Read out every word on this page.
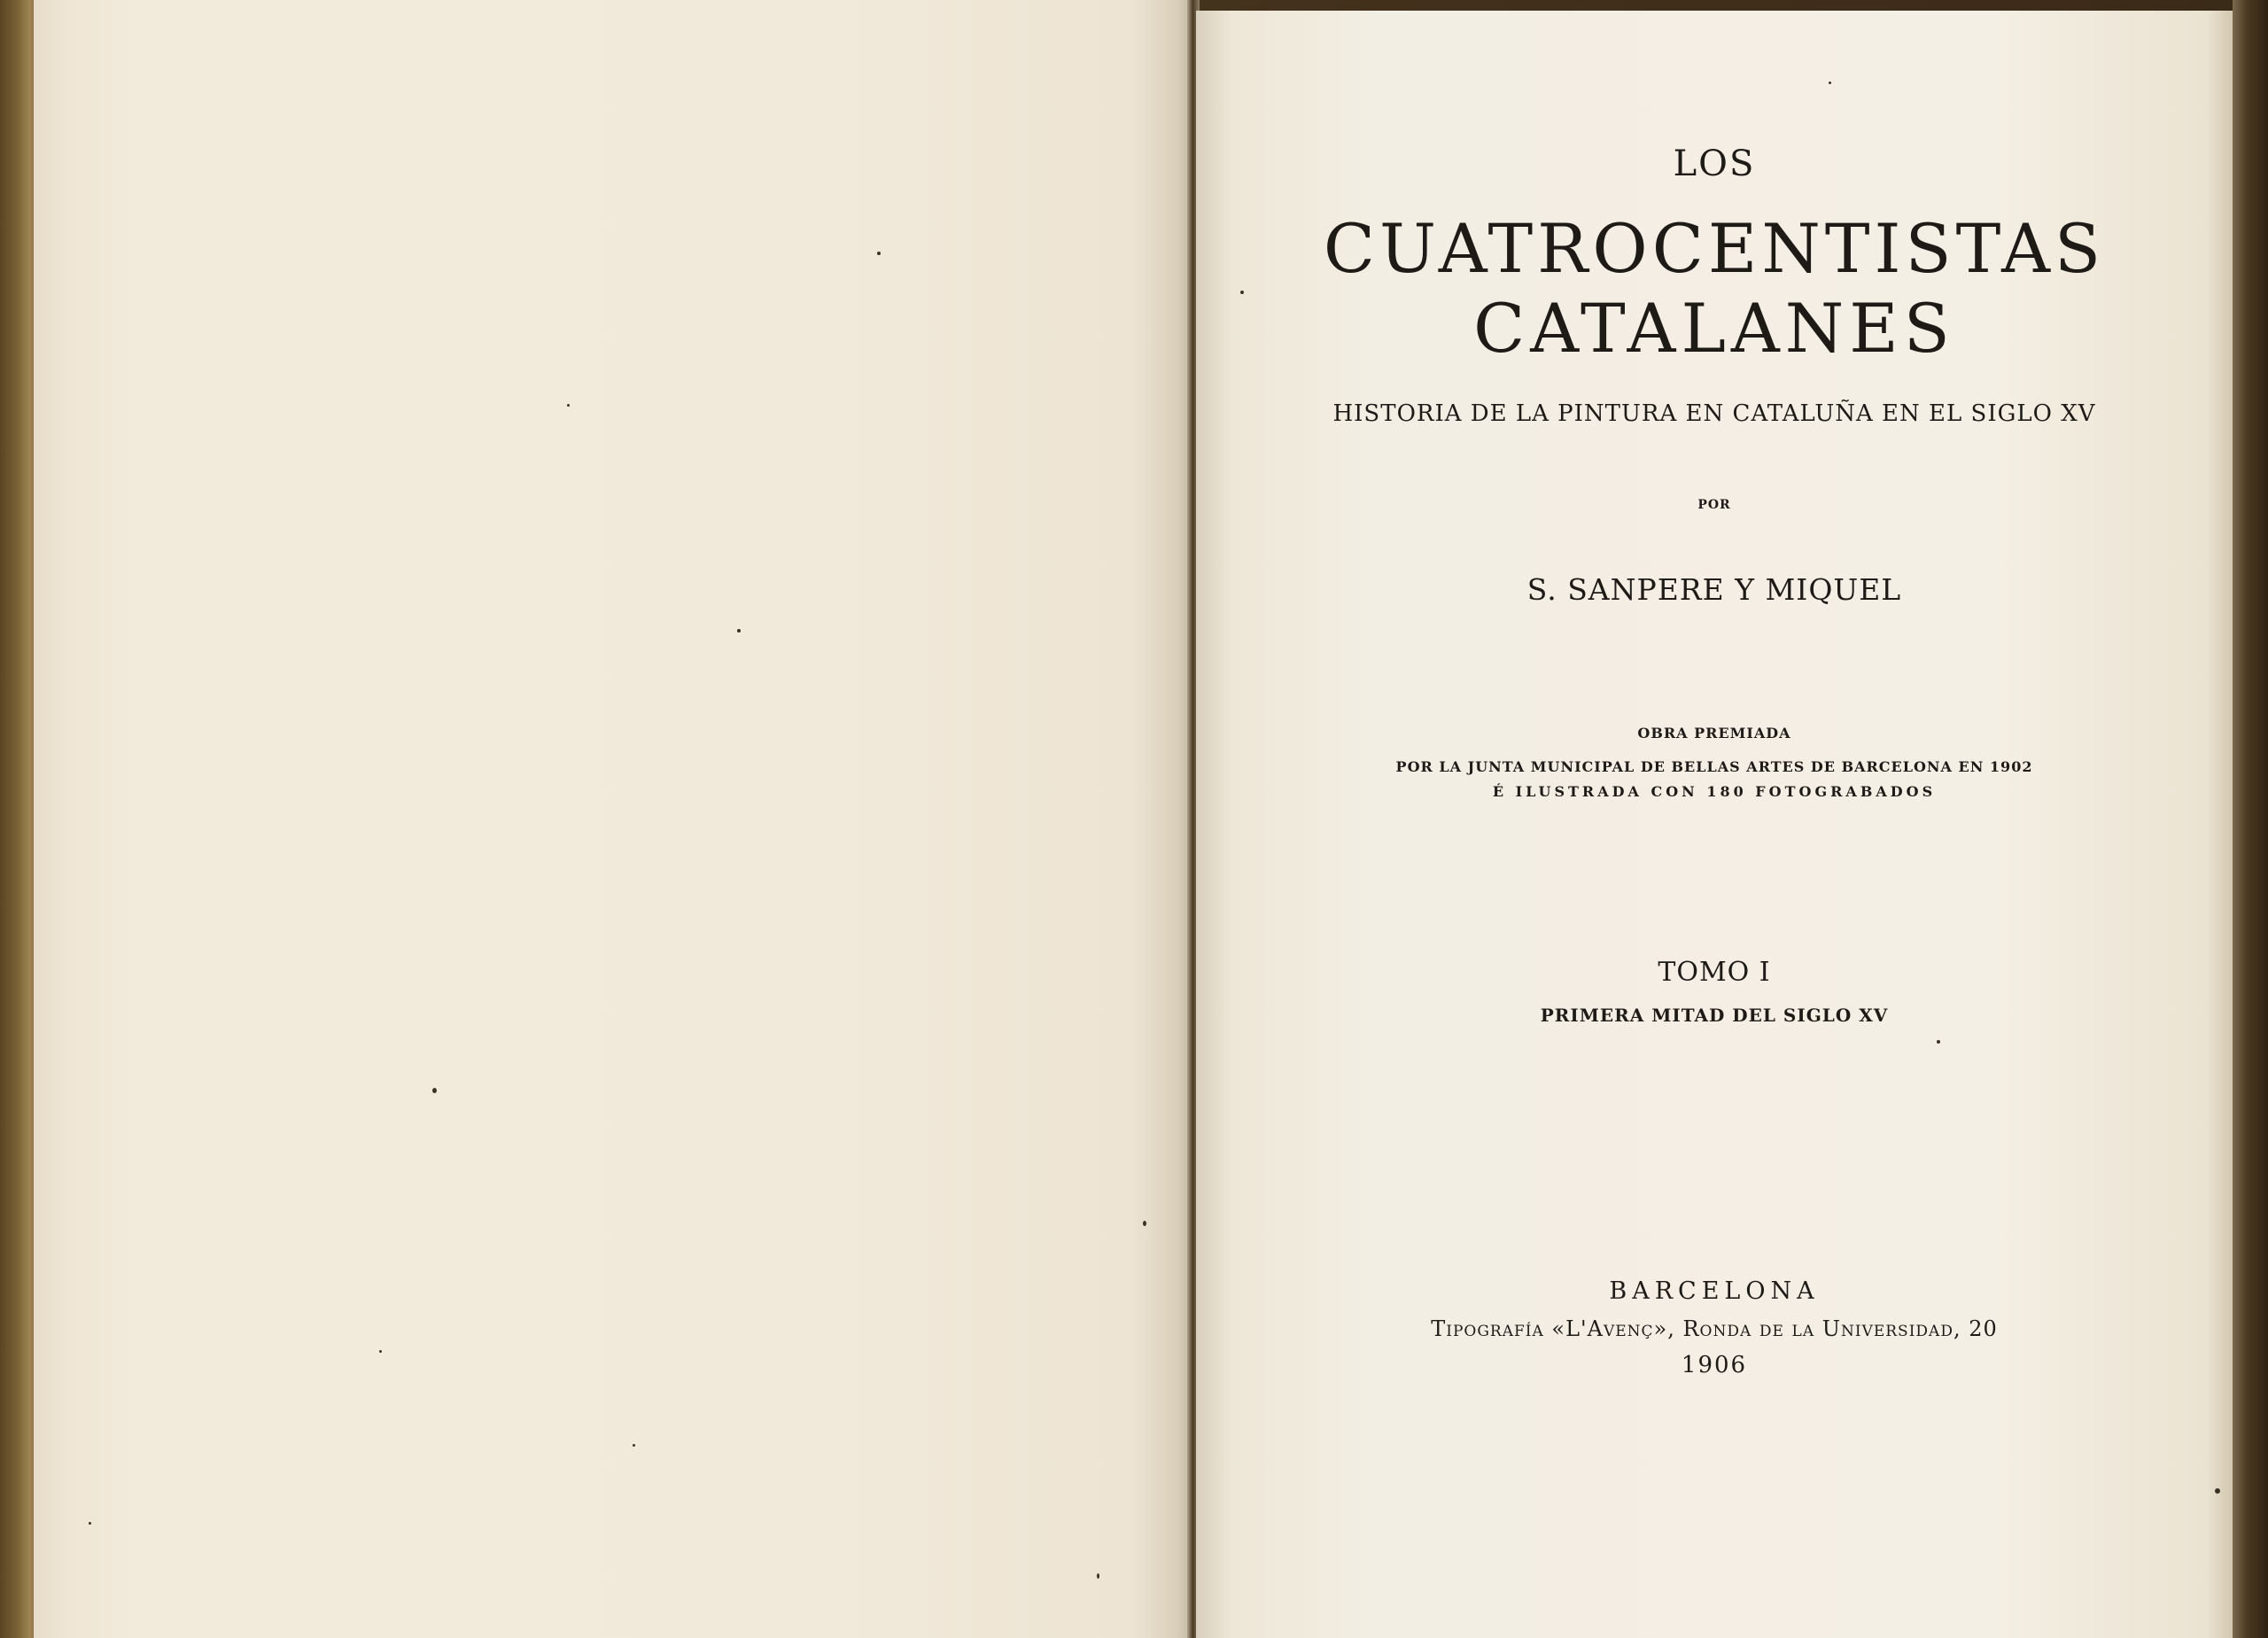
LOS
CUATROCENTISTAS
CATALANES
HISTORIA DE LA PINTURA EN CATALUÑA EN EL SIGLO XV
POR
S. SANPERE Y MIQUEL
OBRA PREMIADA
POR LA JUNTA MUNICIPAL DE BELLAS ARTES DE BARCELONA EN 1902
É ILUSTRADA CON 180 FOTOGRABADOS
TOMO I
PRIMERA MITAD DEL SIGLO XV
BARCELONA
Tipografía «L'Avenç», Ronda de la Universidad, 20
1906
